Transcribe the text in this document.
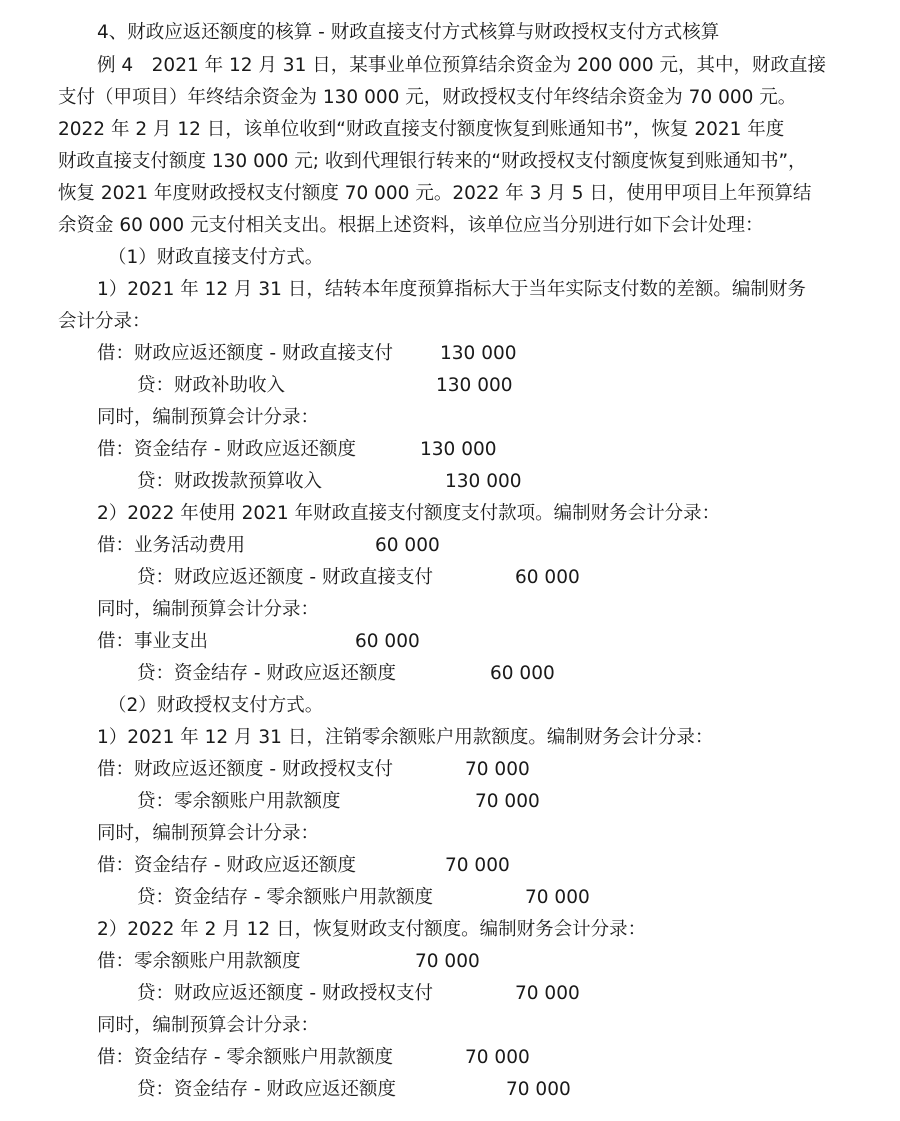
4、财政应返还额度的核算 - 财政直接支付方式核算与财政授权支付方式核算
例 4　2021 年 12 月 31 日，某事业单位预算结余资金为 200 000 元，其中，财政直接
支付（甲项目）年终结余资金为 130 000 元，财政授权支付年终结余资金为 70 000 元。
2022 年 2 月 12 日，该单位收到“财政直接支付额度恢复到账通知书”，恢复 2021 年度
财政直接支付额度 130 000 元; 收到代理银行转来的“财政授权支付额度恢复到账通知书”，
恢复 2021 年度财政授权支付额度 70 000 元。2022 年 3 月 5 日，使用甲项目上年预算结
余资金 60 000 元支付相关支出。根据上述资料，该单位应当分别进行如下会计处理：
（1）财政直接支付方式。
1）2021 年 12 月 31 日，结转本年度预算指标大于当年实际支付数的差额。编制财务
会计分录：
借：财政应返还额度 - 财政直接支付	130 000
贷：财政补助收入	130 000
同时，编制预算会计分录：
借：资金结存 - 财政应返还额度	130 000
贷：财政拨款预算收入	130 000
2）2022 年使用 2021 年财政直接支付额度支付款项。编制财务会计分录：
借：业务活动费用	60 000
贷：财政应返还额度 - 财政直接支付	60 000
同时，编制预算会计分录：
借：事业支出	60 000
贷：资金结存 - 财政应返还额度	60 000
（2）财政授权支付方式。
1）2021 年 12 月 31 日，注销零余额账户用款额度。编制财务会计分录：
借：财政应返还额度 - 财政授权支付	70 000
贷：零余额账户用款额度	70 000
同时，编制预算会计分录：
借：资金结存 - 财政应返还额度	70 000
贷：资金结存 - 零余额账户用款额度	70 000
2）2022 年 2 月 12 日，恢复财政支付额度。编制财务会计分录：
借：零余额账户用款额度	70 000
贷：财政应返还额度 - 财政授权支付	70 000
同时，编制预算会计分录：
借：资金结存 - 零余额账户用款额度	70 000
贷：资金结存 - 财政应返还额度	70 000
